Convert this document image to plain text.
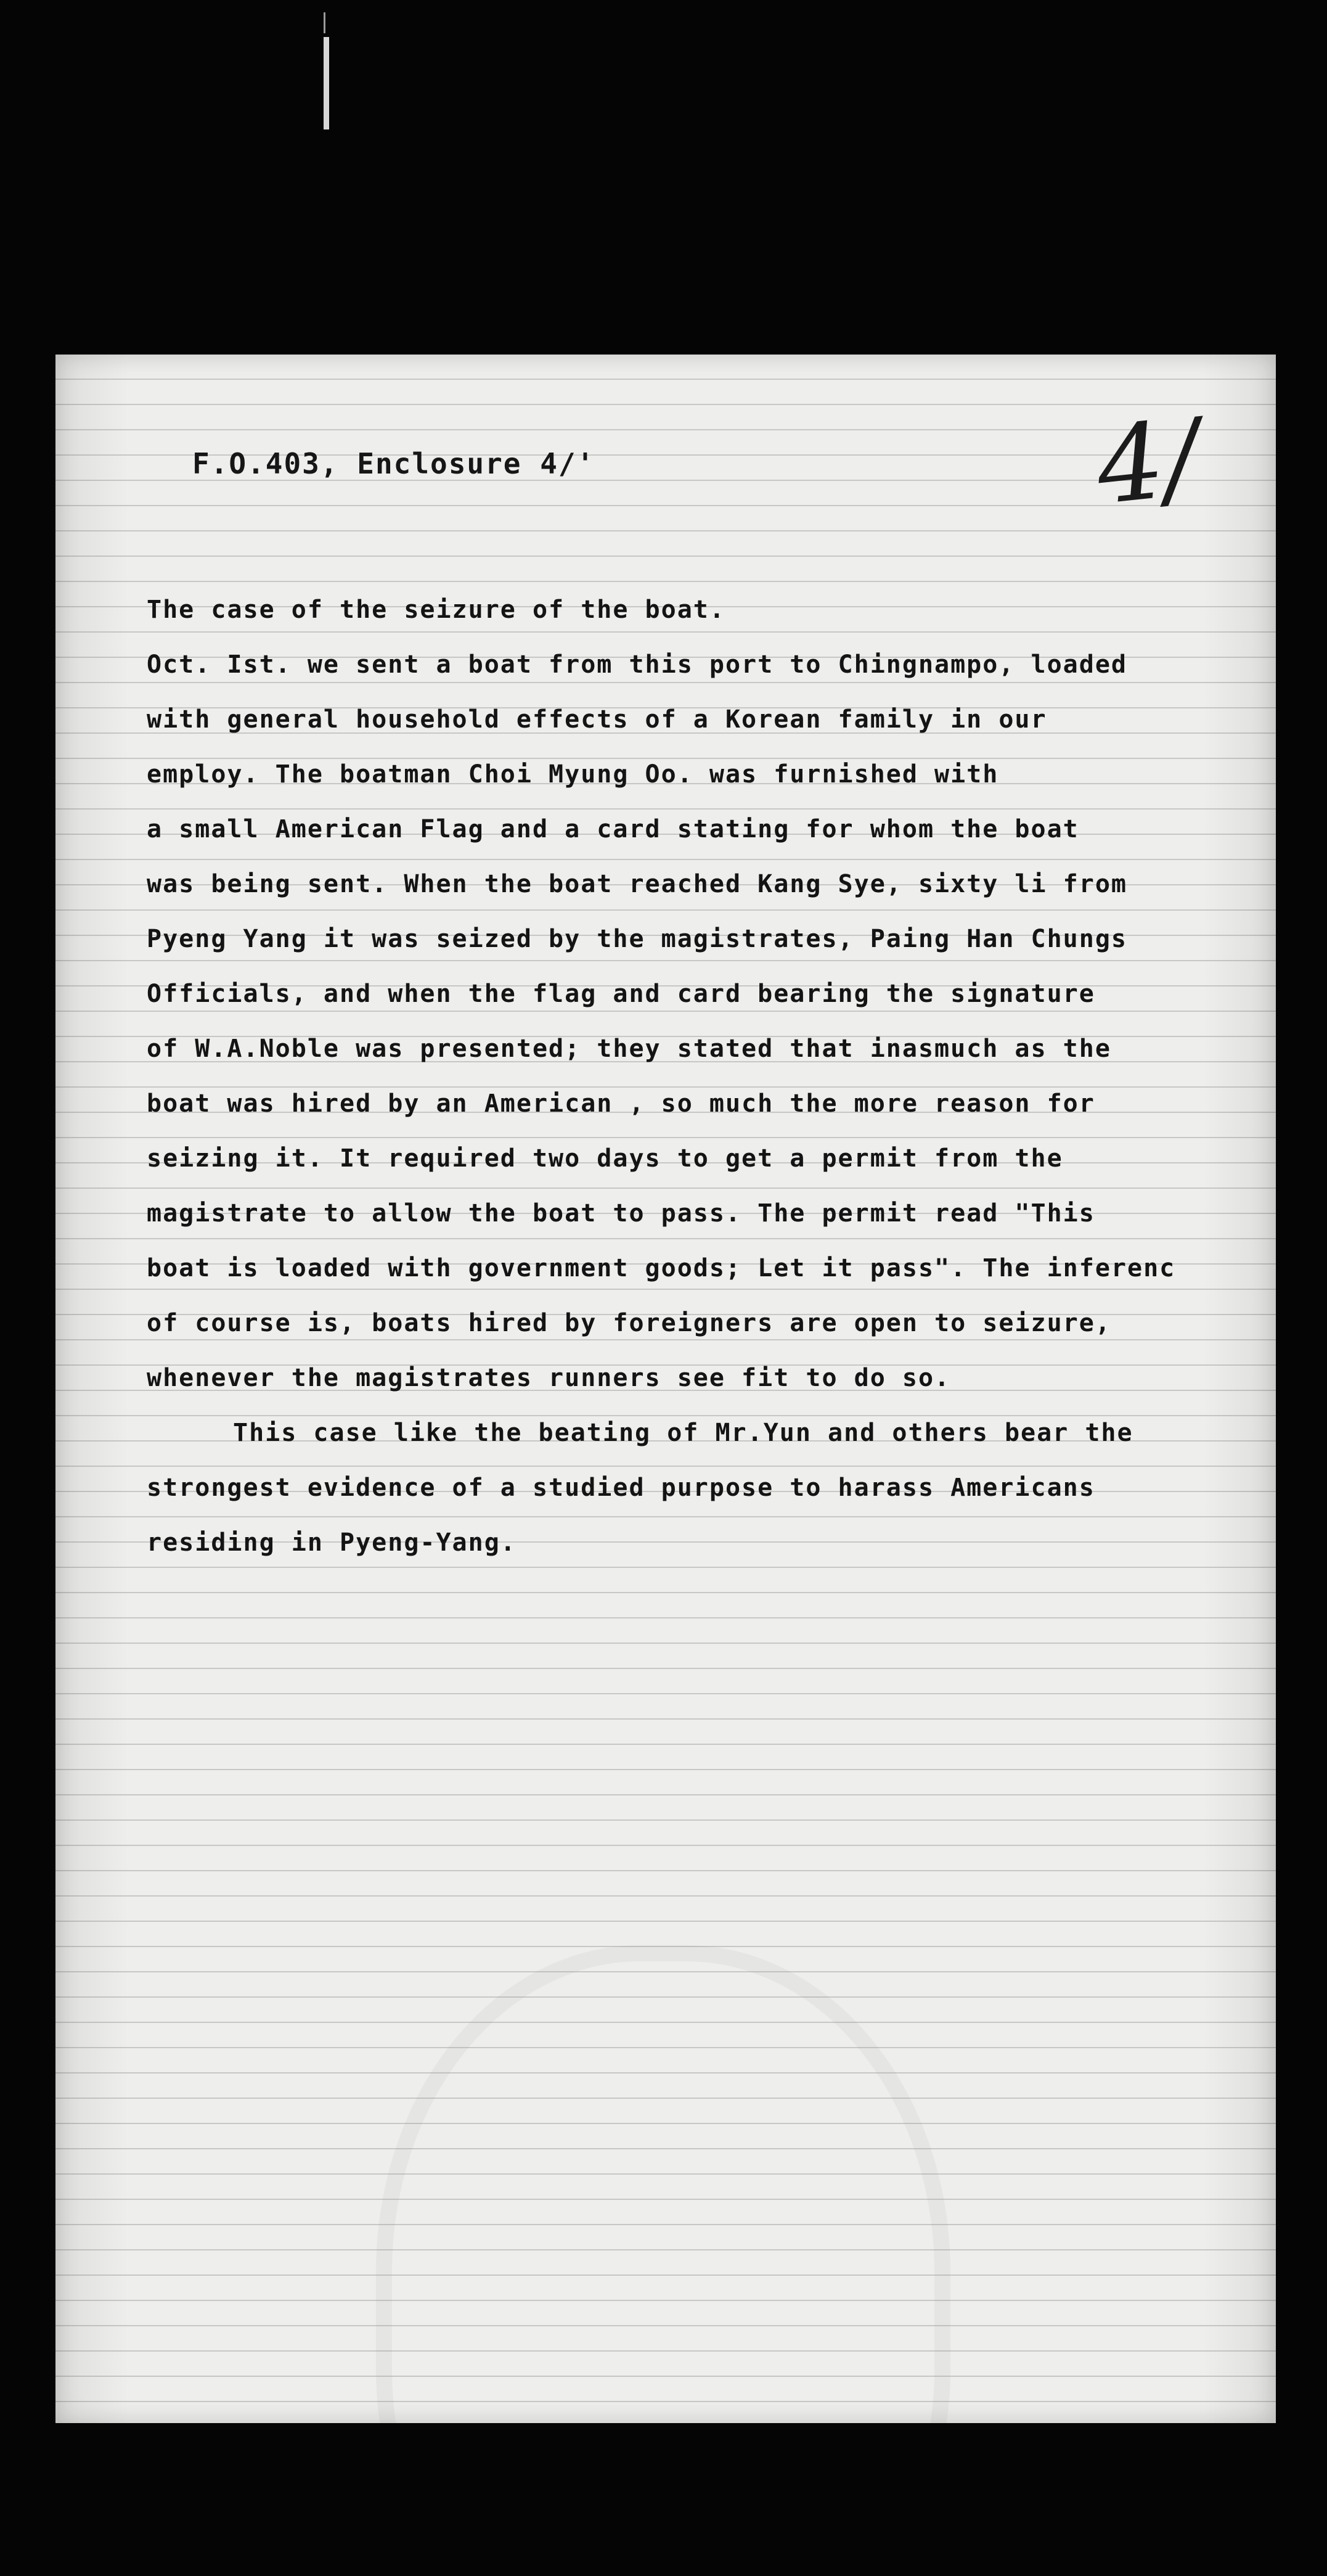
F.O.403, Enclosure 4/'	4/

The case of the seizure of the boat.

Oct. Ist. we sent a boat from this port to Chingnampo, loaded

with general household effects of a Korean family in our

employ. The boatman Choi Myung Oo. was furnished with

a small American Flag and a card stating for whom the boat

was being sent. When the boat reached Kang Sye, sixty li from

Pyeng Yang it was seized by the magistrates, Paing Han Chungs

Officials, and when the flag and card bearing the signature

of W.A.Noble was presented; they stated that inasmuch as the

boat was hired by an American , so much the more reason for

seizing it. It required two days to get a permit from the

magistrate to allow the boat to pass. The permit read "This

boat is loaded with government goods; Let it pass". The inferenc

of course is, boats hired by foreigners are open to seizure,

whenever the magistrates runners see fit to do so.

This case like the beating of Mr.Yun and others bear the

strongest evidence of a studied purpose to harass Americans

residing in Pyeng-Yang.
